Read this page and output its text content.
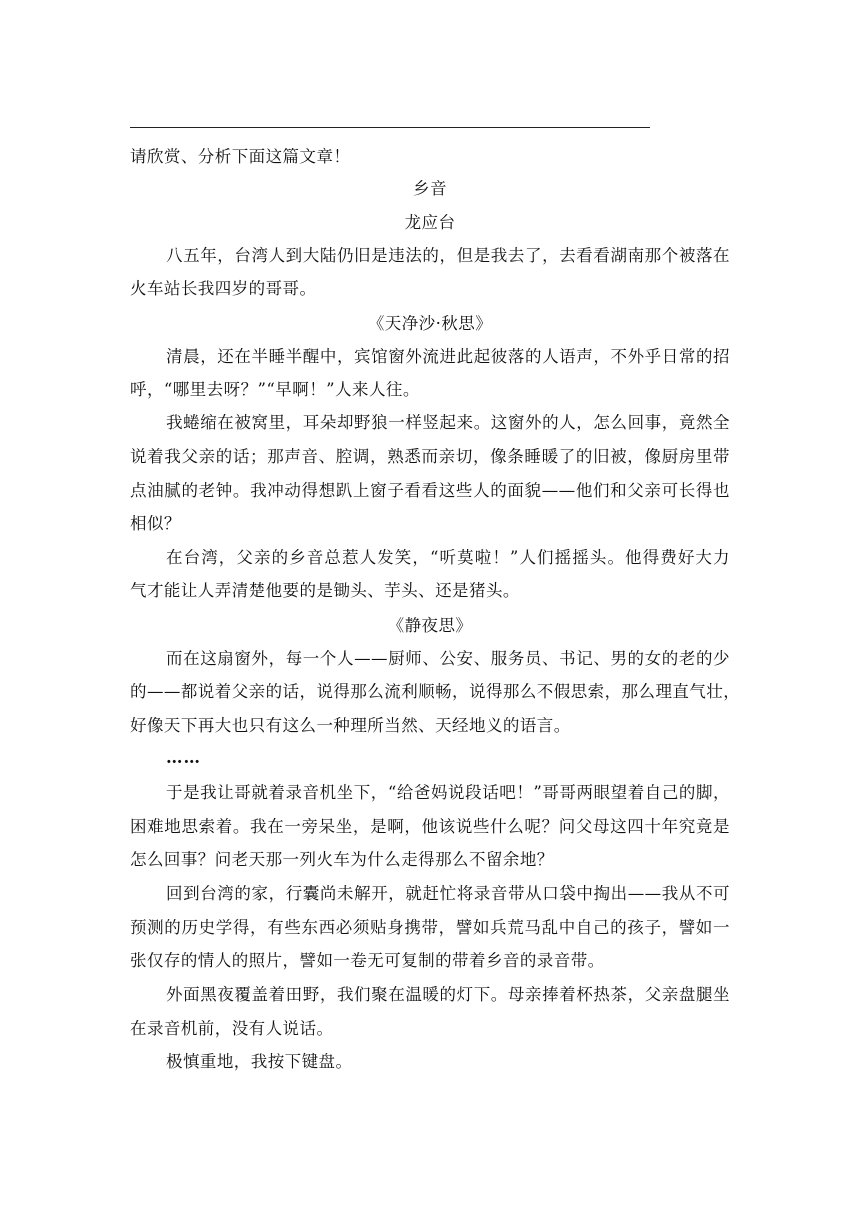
请欣赏、分析下面这篇文章！
乡音
龙应台
八五年，台湾人到大陆仍旧是违法的，但是我去了，去看看湖南那个被落在
火车站长我四岁的哥哥。
《天净沙·秋思》
清晨，还在半睡半醒中，宾馆窗外流进此起彼落的人语声，不外乎日常的招
呼，“哪里去呀？”“早啊！”人来人往。
我蜷缩在被窝里，耳朵却野狼一样竖起来。这窗外的人，怎么回事，竟然全
说着我父亲的话；那声音、腔调，熟悉而亲切，像条睡暖了的旧被，像厨房里带
点油腻的老钟。我冲动得想趴上窗子看看这些人的面貌——他们和父亲可长得也
相似？
在台湾，父亲的乡音总惹人发笑，“听莫啦！”人们摇摇头。他得费好大力
气才能让人弄清楚他要的是锄头、芋头、还是猪头。
《静夜思》
而在这扇窗外，每一个人——厨师、公安、服务员、书记、男的女的老的少
的——都说着父亲的话，说得那么流利顺畅，说得那么不假思索，那么理直气壮，
好像天下再大也只有这么一种理所当然、天经地义的语言。
……
于是我让哥就着录音机坐下，“给爸妈说段话吧！”哥哥两眼望着自己的脚，
困难地思索着。我在一旁呆坐，是啊，他该说些什么呢？问父母这四十年究竟是
怎么回事？问老天那一列火车为什么走得那么不留余地？
回到台湾的家，行囊尚未解开，就赶忙将录音带从口袋中掏出——我从不可
预测的历史学得，有些东西必须贴身携带，譬如兵荒马乱中自己的孩子，譬如一
张仅存的情人的照片，譬如一卷无可复制的带着乡音的录音带。
外面黑夜覆盖着田野，我们聚在温暖的灯下。母亲捧着杯热茶，父亲盘腿坐
在录音机前，没有人说话。
极慎重地，我按下键盘。
